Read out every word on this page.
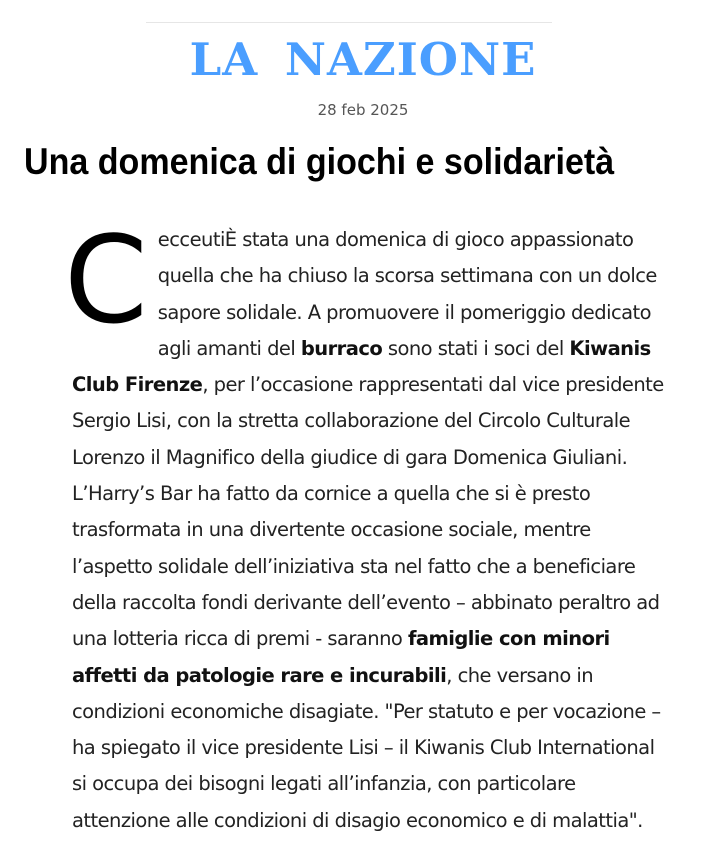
LA NAZIONE
28 feb 2025
Una domenica di giochi e solidarietà
C ecceutiÈ stata una domenica di gioco appassionato quella che ha chiuso la scorsa settimana con un dolce sapore solidale. A promuovere il pomeriggio dedicato agli amanti del burraco sono stati i soci del Kiwanis Club Firenze, per l’occasione rappresentati dal vice presidente Sergio Lisi, con la stretta collaborazione del Circolo Culturale Lorenzo il Magnifico della giudice di gara Domenica Giuliani. L’Harry’s Bar ha fatto da cornice a quella che si è presto trasformata in una divertente occasione sociale, mentre l’aspetto solidale dell’iniziativa sta nel fatto che a beneficiare della raccolta fondi derivante dell’evento – abbinato peraltro ad una lotteria ricca di premi - saranno famiglie con minori affetti da patologie rare e incurabili, che versano in condizioni economiche disagiate. "Per statuto e per vocazione – ha spiegato il vice presidente Lisi – il Kiwanis Club International si occupa dei bisogni legati all’infanzia, con particolare attenzione alle condizioni di disagio economico e di malattia".
